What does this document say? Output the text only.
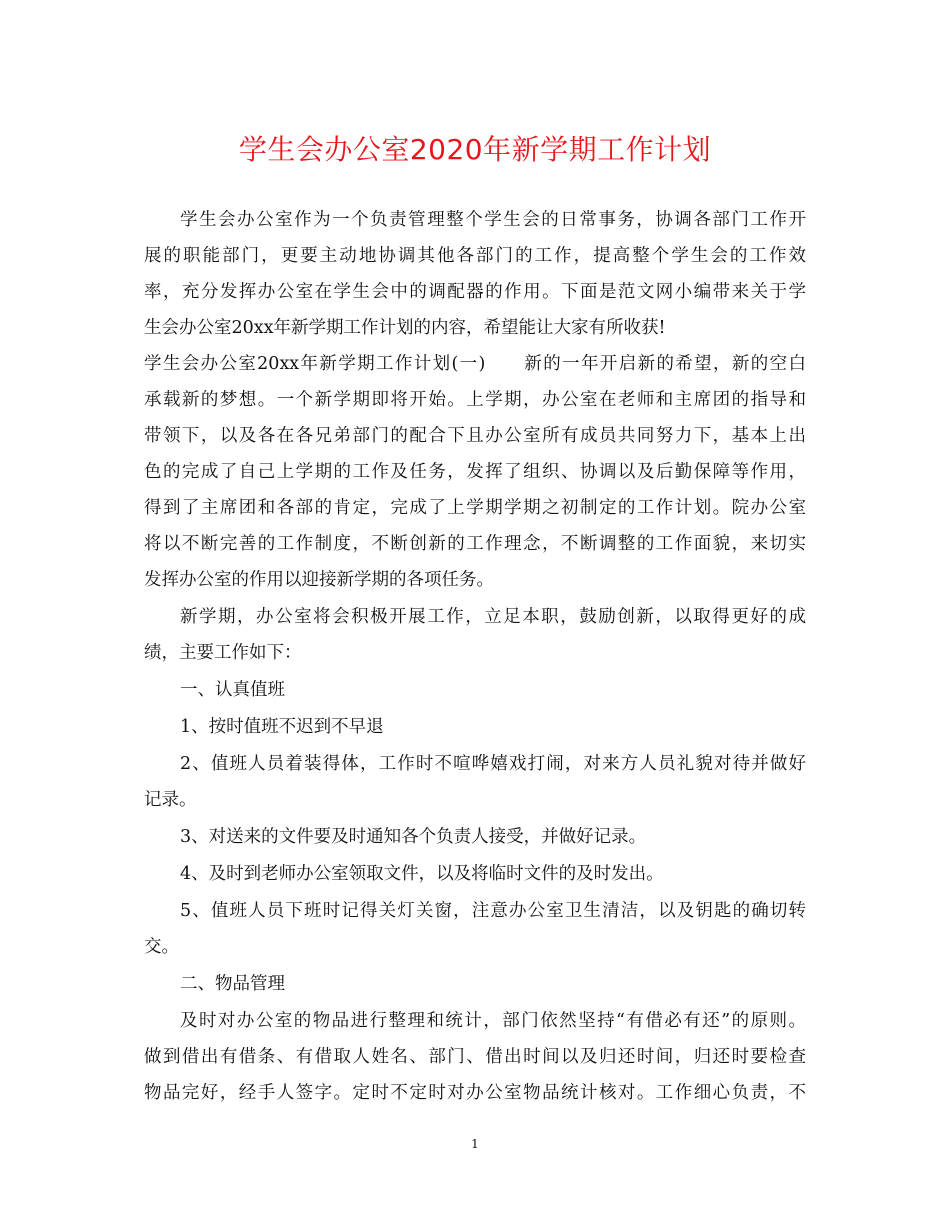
学生会办公室2020年新学期工作计划
学生会办公室作为一个负责管理整个学生会的日常事务，协调各部门工作开
展的职能部门，更要主动地协调其他各部门的工作，提高整个学生会的工作效
率，充分发挥办公室在学生会中的调配器的作用。下面是范文网小编带来关于学
生会办公室20xx年新学期工作计划的内容，希望能让大家有所收获!
学生会办公室20xx年新学期工作计划(一)　　新的一年开启新的希望，新的空白
承载新的梦想。一个新学期即将开始。上学期，办公室在老师和主席团的指导和
带领下，以及各在各兄弟部门的配合下且办公室所有成员共同努力下，基本上出
色的完成了自己上学期的工作及任务，发挥了组织、协调以及后勤保障等作用，
得到了主席团和各部的肯定，完成了上学期学期之初制定的工作计划。院办公室
将以不断完善的工作制度，不断创新的工作理念，不断调整的工作面貌，来切实
发挥办公室的作用以迎接新学期的各项任务。
新学期，办公室将会积极开展工作，立足本职，鼓励创新，以取得更好的成
绩，主要工作如下：
一、认真值班
1、按时值班不迟到不早退
2、值班人员着装得体，工作时不喧哗嬉戏打闹，对来方人员礼貌对待并做好
记录。
3、对送来的文件要及时通知各个负责人接受，并做好记录。
4、及时到老师办公室领取文件，以及将临时文件的及时发出。
5、值班人员下班时记得关灯关窗，注意办公室卫生清洁，以及钥匙的确切转
交。
二、物品管理
及时对办公室的物品进行整理和统计，部门依然坚持“有借必有还”的原则。
做到借出有借条、有借取人姓名、部门、借出时间以及归还时间，归还时要检查
物品完好，经手人签字。定时不定时对办公室物品统计核对。工作细心负责，不
1
